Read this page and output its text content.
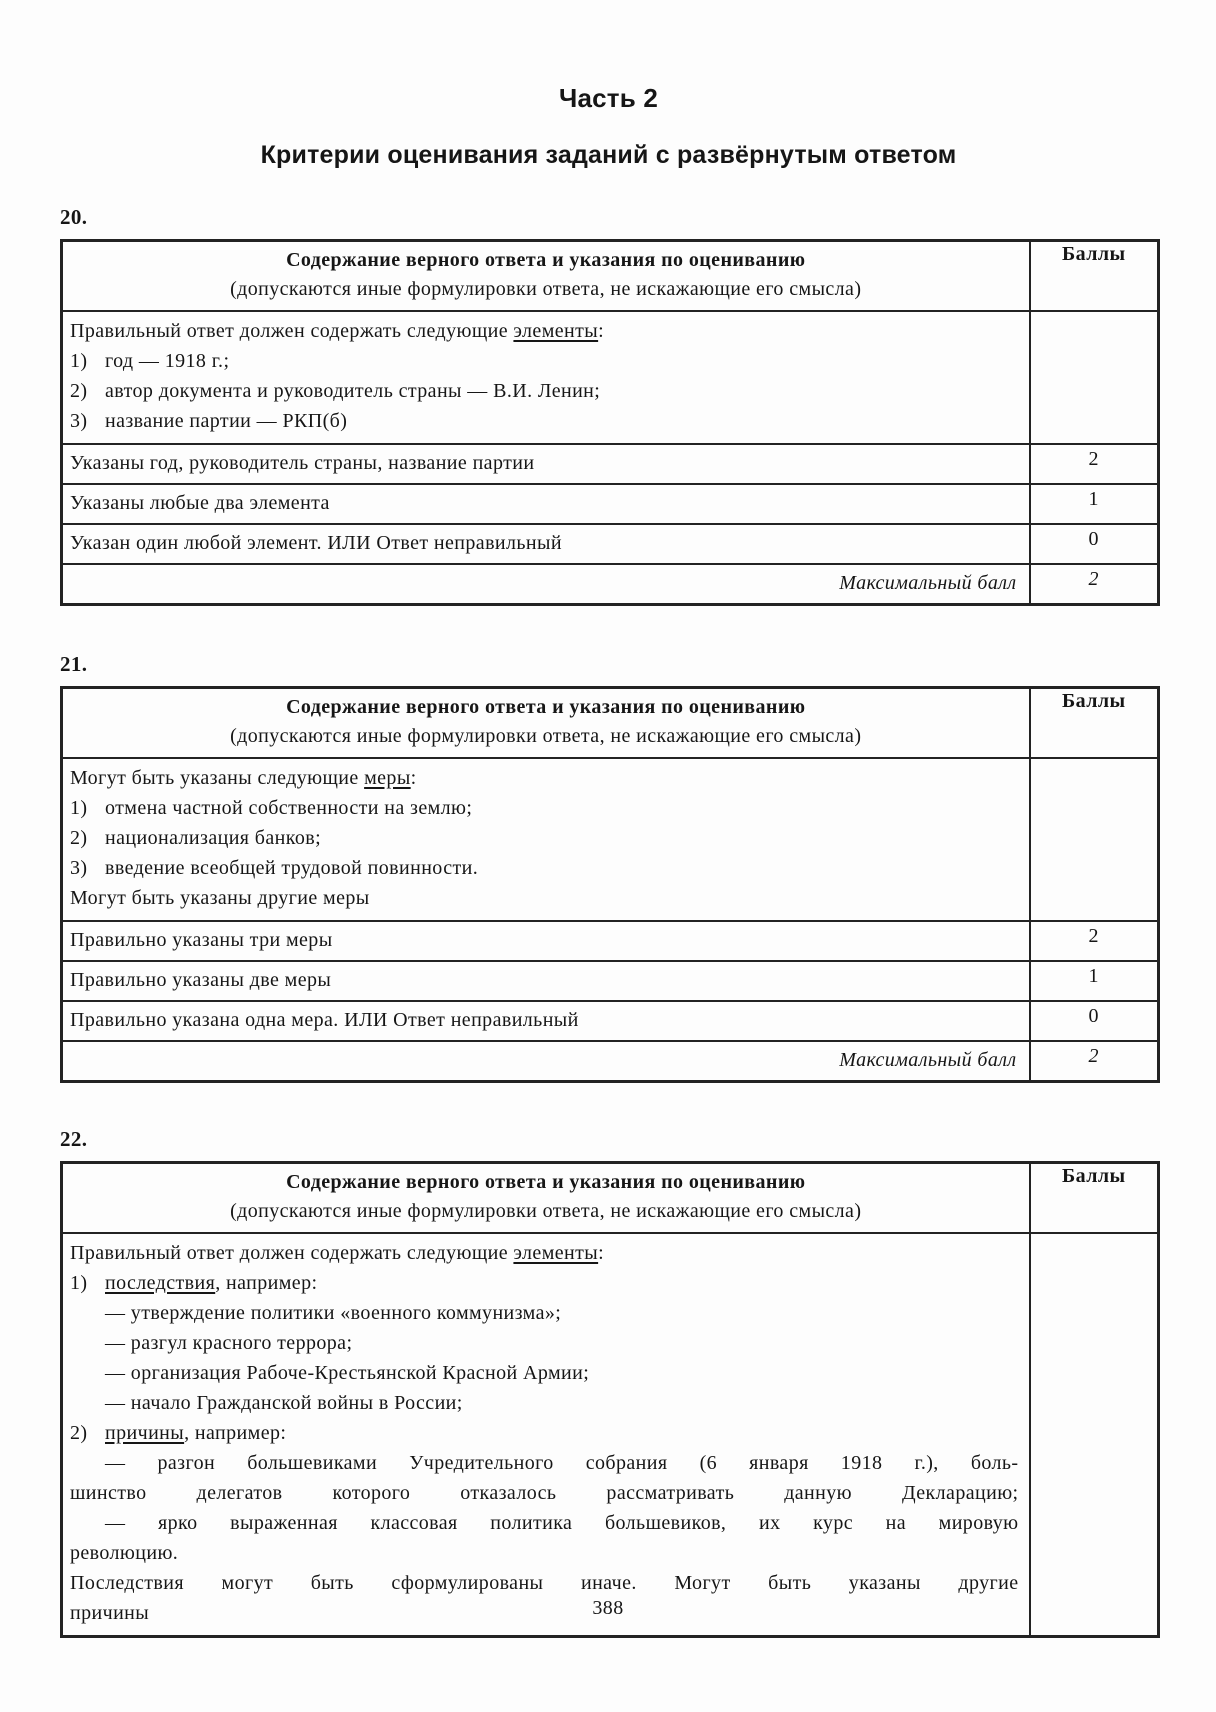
Часть 2
Критерии оценивания заданий с развёрнутым ответом
20.
Содержание верного ответа и указания по оцениванию
(допускаются иные формулировки ответа, не искажающие его смысла)	Баллы

Правильный ответ должен содержать следующие элементы:
1) год — 1918 г.;
2) автор документа и руководитель страны — В.И. Ленин;
3) название партии — РКП(б)

Указаны год, руководитель страны, название партии	2
Указаны любые два элемента	1
Указан один любой элемент. ИЛИ Ответ неправильный	0
Максимальный балл	2
21.
Содержание верного ответа и указания по оцениванию
(допускаются иные формулировки ответа, не искажающие его смысла)	Баллы

Могут быть указаны следующие меры:
1) отмена частной собственности на землю;
2) национализация банков;
3) введение всеобщей трудовой повинности.
Могут быть указаны другие меры

Правильно указаны три меры	2
Правильно указаны две меры	1
Правильно указана одна мера. ИЛИ Ответ неправильный	0
Максимальный балл	2
22.
Содержание верного ответа и указания по оцениванию
(допускаются иные формулировки ответа, не искажающие его смысла)	Баллы

Правильный ответ должен содержать следующие элементы:
1) последствия, например:
— утверждение политики «военного коммунизма»;
— разгул красного террора;
— организация Рабоче-Крестьянской Красной Армии;
— начало Гражданской войны в России;
2) причины, например:
— разгон большевиками Учредительного собрания (6 января 1918 г.), боль-
шинство делегатов которого отказалось рассматривать данную Декларацию;
— ярко выраженная классовая политика большевиков, их курс на мировую
революцию.
Последствия могут быть сформулированы иначе. Могут быть указаны другие
причины
		388
